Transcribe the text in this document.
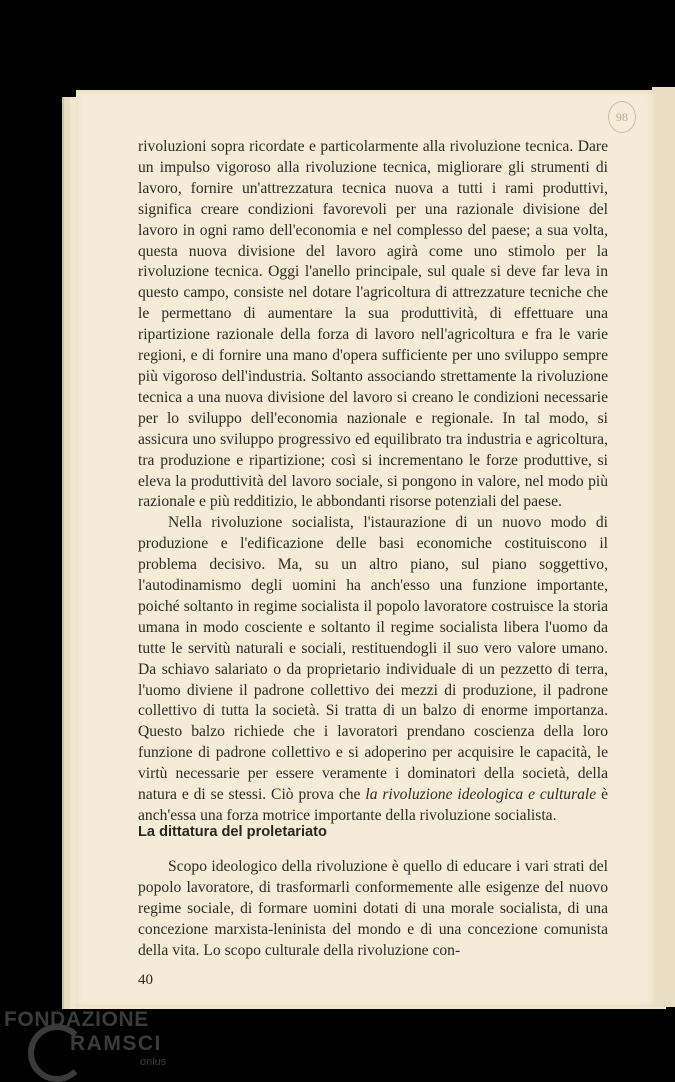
98

rivoluzioni sopra ricordate e particolarmente alla rivoluzione tecnica. Dare un impulso vigoroso alla rivoluzione tecnica, migliorare gli strumenti di lavoro, fornire un'attrezzatura tecnica nuova a tutti i rami produttivi, significa creare condizioni favorevoli per una razionale divisione del lavoro in ogni ramo dell'economia e nel complesso del paese; a sua volta, questa nuova divisione del lavoro agirà come uno stimolo per la rivoluzione tecnica. Oggi l'anello principale, sul quale si deve far leva in questo campo, consiste nel dotare l'agricoltura di attrezzature tecniche che le permettano di aumentare la sua produttività, di effettuare una ripartizione razionale della forza di lavoro nell'agricoltura e fra le varie regioni, e di fornire una mano d'opera sufficiente per uno sviluppo sempre più vigoroso dell'industria. Soltanto associando strettamente la rivoluzione tecnica a una nuova divisione del lavoro si creano le condizioni necessarie per lo sviluppo dell'economia nazionale e regionale. In tal modo, si assicura uno sviluppo progressivo ed equilibrato tra industria e agricoltura, tra produzione e ripartizione; così si incrementano le forze produttive, si eleva la produttività del lavoro sociale, si pongono in valore, nel modo più razionale e più redditizio, le abbondanti risorse potenziali del paese.

Nella rivoluzione socialista, l'istaurazione di un nuovo modo di produzione e l'edificazione delle basi economiche costituiscono il problema decisivo. Ma, su un altro piano, sul piano soggettivo, l'autodinamismo degli uomini ha anch'esso una funzione importante, poiché soltanto in regime socialista il popolo lavoratore costruisce la storia umana in modo cosciente e soltanto il regime socialista libera l'uomo da tutte le servitù naturali e sociali, restituendogli il suo vero valore umano. Da schiavo salariato o da proprietario individuale di un pezzetto di terra, l'uomo diviene il padrone collettivo dei mezzi di produzione, il padrone collettivo di tutta la società. Si tratta di un balzo di enorme importanza. Questo balzo richiede che i lavoratori prendano coscienza della loro funzione di padrone collettivo e si adoperino per acquisire le capacità, le virtù necessarie per essere veramente i dominatori della società, della natura e di se stessi. Ciò prova che la rivoluzione ideologica e culturale è anch'essa una forza motrice importante della rivoluzione socialista.

La dittatura del proletariato

Scopo ideologico della rivoluzione è quello di educare i vari strati del popolo lavoratore, di trasformarli conformemente alle esigenze del nuovo regime sociale, di formare uomini dotati di una morale socialista, di una concezione marxista-leninista del mondo e di una concezione comunista della vita. Lo scopo culturale della rivoluzione con-

40
FONDAZIONE
RAMSCI
onlus
